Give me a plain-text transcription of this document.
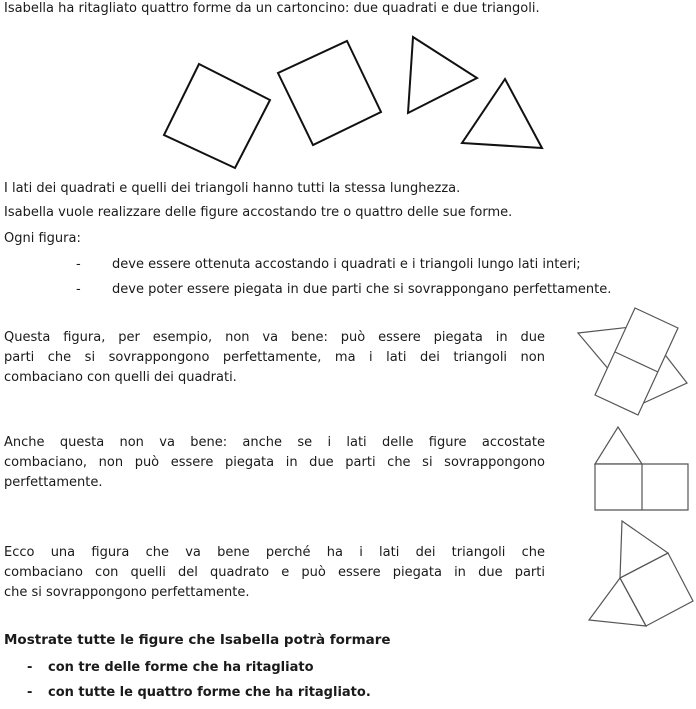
Isabella ha ritagliato quattro forme da un cartoncino: due quadrati e due triangoli.

I lati dei quadrati e quelli dei triangoli hanno tutti la stessa lunghezza.

Isabella vuole realizzare delle figure accostando tre o quattro delle sue forme.

Ogni figura:

- deve essere ottenuta accostando i quadrati e i triangoli lungo lati interi;

- deve poter essere piegata in due parti che si sovrappongano perfettamente.

Questa figura, per esempio, non va bene: può essere piegata in due
parti che si sovrappongono perfettamente, ma i lati dei triangoli non
combaciano con quelli dei quadrati.
Anche questa non va bene: anche se i lati delle figure accostate
combaciano, non può essere piegata in due parti che si sovrappongono
perfettamente.
Ecco una figura che va bene perché ha i lati dei triangoli che
combaciano con quelli del quadrato e può essere piegata in due parti
che si sovrappongono perfettamente.

Mostrate tutte le figure che Isabella potrà formare

- con tre delle forme che ha ritagliato

- con tutte le quattro forme che ha ritagliato.
